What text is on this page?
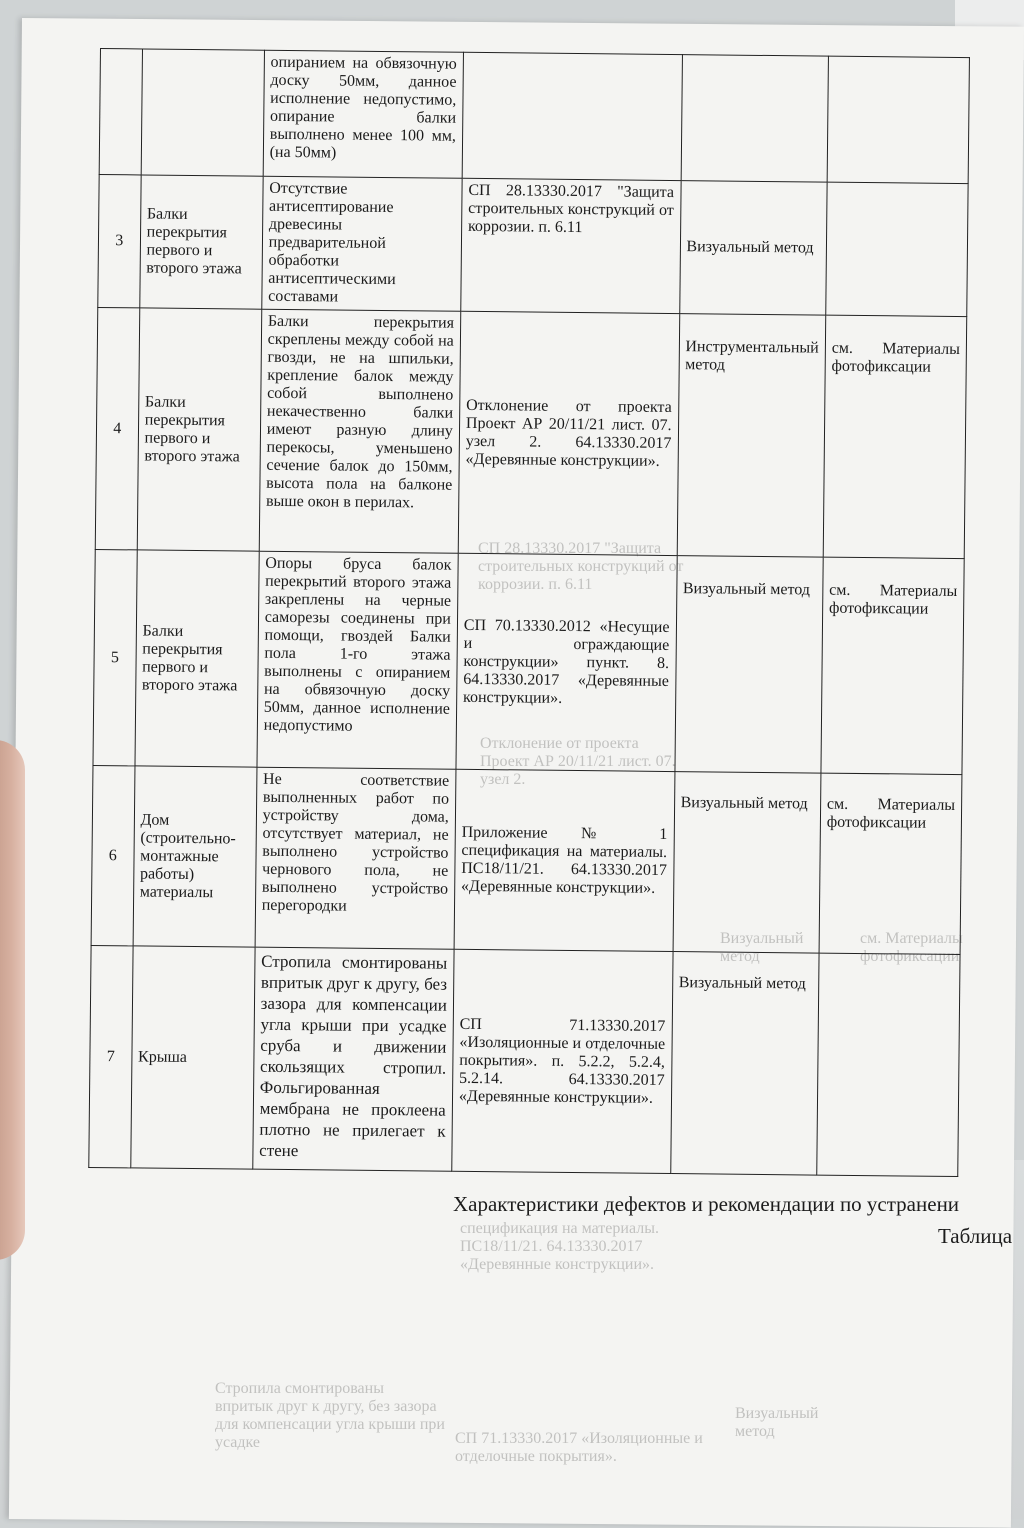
СП 28.13330.2017 "Защита строительных конструкций от коррозии. п. 6.11
Отклонение от проекта Проект АР 20/11/21 лист. 07. узел 2.
Визуальный метод
см. Материалы фотофиксации
спецификация на материалы. ПС18/11/21. 64.13330.2017 «Деревянные конструкции».
Стропила смонтированы впритык друг к другу, без зазора для компенсации угла крыши при усадке	СП 71.13330.2017 «Изоляционные и отделочные покрытия».
Визуальный метод
		опиранием на обвязочную доску 50мм, данное исполнение недопустимо, опирание балки выполнено менее 100 мм, (на 50мм)			
3	Балки перекрытия первого и второго этажа	Отсутствие антисептирование древесины предварительной обработки антисептическими составами	СП 28.13330.2017 "Защита строительных конструкций от коррозии. п. 6.11	Визуальный метод	
4	Балки перекрытия первого и второго этажа	Балки перекрытия скреплены между собой на гвозди, не на шпильки, крепление балок между собой выполнено некачественно балки имеют разную длину перекосы, уменьшено сечение балок до 150мм, высота пола на балконе выше окон в перилах.	Отклонение от проекта Проект АР 20/11/21 лист. 07. узел 2. 64.13330.2017 «Деревянные конструкции».	Инструментальный метод	см. Материалы фотофиксации
5	Балки перекрытия первого и второго этажа	Опоры бруса балок перекрытий второго этажа закреплены на черные саморезы соединены при помощи, гвоздей Балки пола 1-го этажа выполнены с опиранием на обвязочную доску 50мм, данное исполнение недопустимо	СП 70.13330.2012 «Несущие и ограждающие конструкции» пункт. 8. 64.13330.2017 «Деревянные конструкции».	Визуальный метод	см. Материалы фотофиксации
6	Дом (строительно-монтажные работы) материалы	Не соответствие выполненных работ по устройству дома, отсутствует материал, не выполнено устройство чернового пола, не выполнено устройство перегородки	Приложение № 1 спецификация на материалы. ПС18/11/21. 64.13330.2017 «Деревянные конструкции».	Визуальный метод	см. Материалы фотофиксации
7	Крыша	Стропила смонтированы впритык друг к другу, без зазора для компенсации угла крыши при усадке сруба и движении скользящих стропил. Фольгированная мембрана не проклеена плотно не прилегает к стене	СП 71.13330.2017 «Изоляционные и отделочные покрытия». п. 5.2.2, 5.2.4, 5.2.14. 64.13330.2017 «Деревянные конструкции».	Визуальный метод	
Характеристики дефектов и рекомендации по устранени
Таблица
